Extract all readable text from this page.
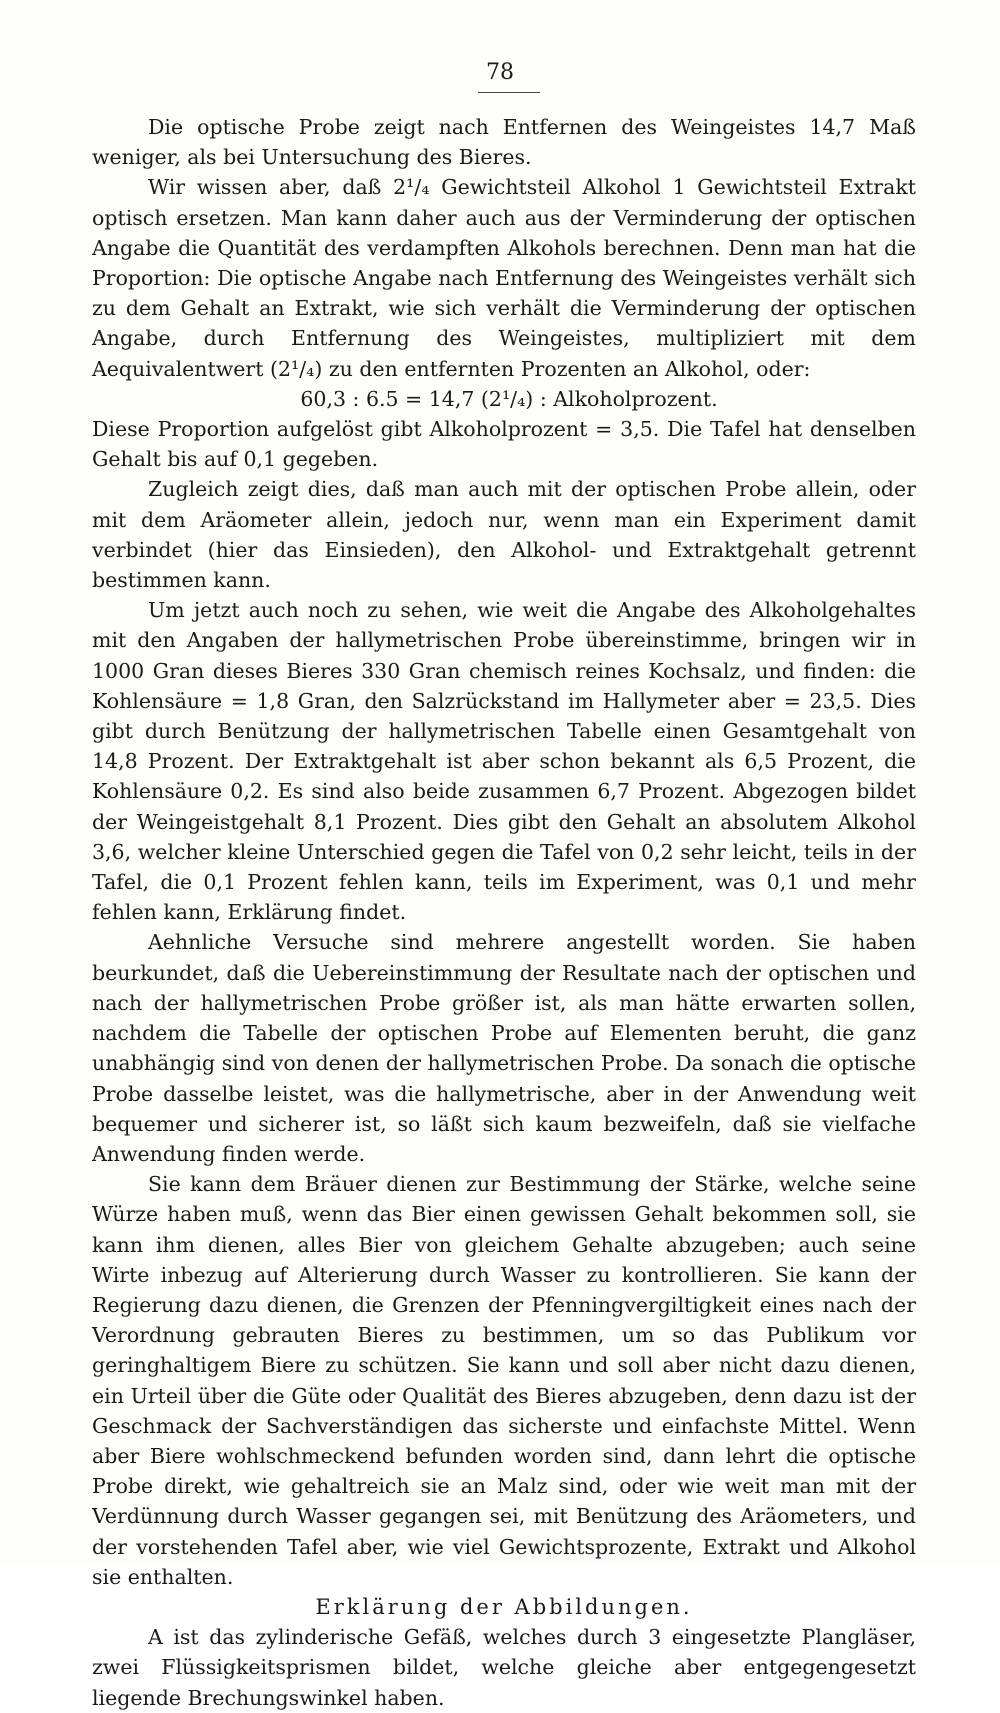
78

Die optische Probe zeigt nach Entfernen des Weingeistes 14,7 Maß weniger, als bei Untersuchung des Bieres.

Wir wissen aber, daß 2¹/₄ Gewichtsteil Alkohol 1 Gewichtsteil Extrakt optisch ersetzen. Man kann daher auch aus der Verminderung der optischen Angabe die Quantität des verdampften Alkohols berechnen. Denn man hat die Proportion: Die optische Angabe nach Entfernung des Weingeistes verhält sich zu dem Gehalt an Extrakt, wie sich verhält die Verminderung der optischen Angabe, durch Entfernung des Weingeistes, multipliziert mit dem Aequivalentwert (2¹/₄) zu den entfernten Prozenten an Alkohol, oder:

60,3 : 6.5 = 14,7 (2¹/₄) : Alkoholprozent.

Diese Proportion aufgelöst gibt Alkoholprozent = 3,5. Die Tafel hat denselben Gehalt bis auf 0,1 gegeben.

Zugleich zeigt dies, daß man auch mit der optischen Probe allein, oder mit dem Aräometer allein, jedoch nur, wenn man ein Experiment damit verbindet (hier das Einsieden), den Alkohol- und Extraktgehalt getrennt bestimmen kann.

Um jetzt auch noch zu sehen, wie weit die Angabe des Alkoholgehaltes mit den Angaben der hallymetrischen Probe übereinstimme, bringen wir in 1000 Gran dieses Bieres 330 Gran chemisch reines Kochsalz, und finden: die Kohlensäure = 1,8 Gran, den Salzrückstand im Hallymeter aber = 23,5. Dies gibt durch Benützung der hallymetrischen Tabelle einen Gesamtgehalt von 14,8 Prozent. Der Extraktgehalt ist aber schon bekannt als 6,5 Prozent, die Kohlensäure 0,2. Es sind also beide zusammen 6,7 Prozent. Abgezogen bildet der Weingeistgehalt 8,1 Prozent. Dies gibt den Gehalt an absolutem Alkohol 3,6, welcher kleine Unterschied gegen die Tafel von 0,2 sehr leicht, teils in der Tafel, die 0,1 Prozent fehlen kann, teils im Experiment, was 0,1 und mehr fehlen kann, Erklärung findet.

Aehnliche Versuche sind mehrere angestellt worden. Sie haben beurkundet, daß die Uebereinstimmung der Resultate nach der optischen und nach der hallymetrischen Probe größer ist, als man hätte erwarten sollen, nachdem die Tabelle der optischen Probe auf Elementen beruht, die ganz unabhängig sind von denen der hallymetrischen Probe. Da sonach die optische Probe dasselbe leistet, was die hallymetrische, aber in der Anwendung weit bequemer und sicherer ist, so läßt sich kaum bezweifeln, daß sie vielfache Anwendung finden werde.

Sie kann dem Bräuer dienen zur Bestimmung der Stärke, welche seine Würze haben muß, wenn das Bier einen gewissen Gehalt bekommen soll, sie kann ihm dienen, alles Bier von gleichem Gehalte abzugeben; auch seine Wirte inbezug auf Alterierung durch Wasser zu kontrollieren. Sie kann der Regierung dazu dienen, die Grenzen der Pfenningvergiltigkeit eines nach der Verordnung gebrauten Bieres zu bestimmen, um so das Publikum vor geringhaltigem Biere zu schützen. Sie kann und soll aber nicht dazu dienen, ein Urteil über die Güte oder Qualität des Bieres abzugeben, denn dazu ist der Geschmack der Sachverständigen das sicherste und einfachste Mittel. Wenn aber Biere wohlschmeckend befunden worden sind, dann lehrt die optische Probe direkt, wie gehaltreich sie an Malz sind, oder wie weit man mit der Verdünnung durch Wasser gegangen sei, mit Benützung des Aräometers, und der vorstehenden Tafel aber, wie viel Gewichtsprozente, Extrakt und Alkohol sie enthalten.

Erklärung der Abbildungen.

A ist das zylinderische Gefäß, welches durch 3 eingesetzte Plangläser, zwei Flüssigkeitsprismen bildet, welche gleiche aber entgegengesetzt liegende Brechungswinkel haben.
